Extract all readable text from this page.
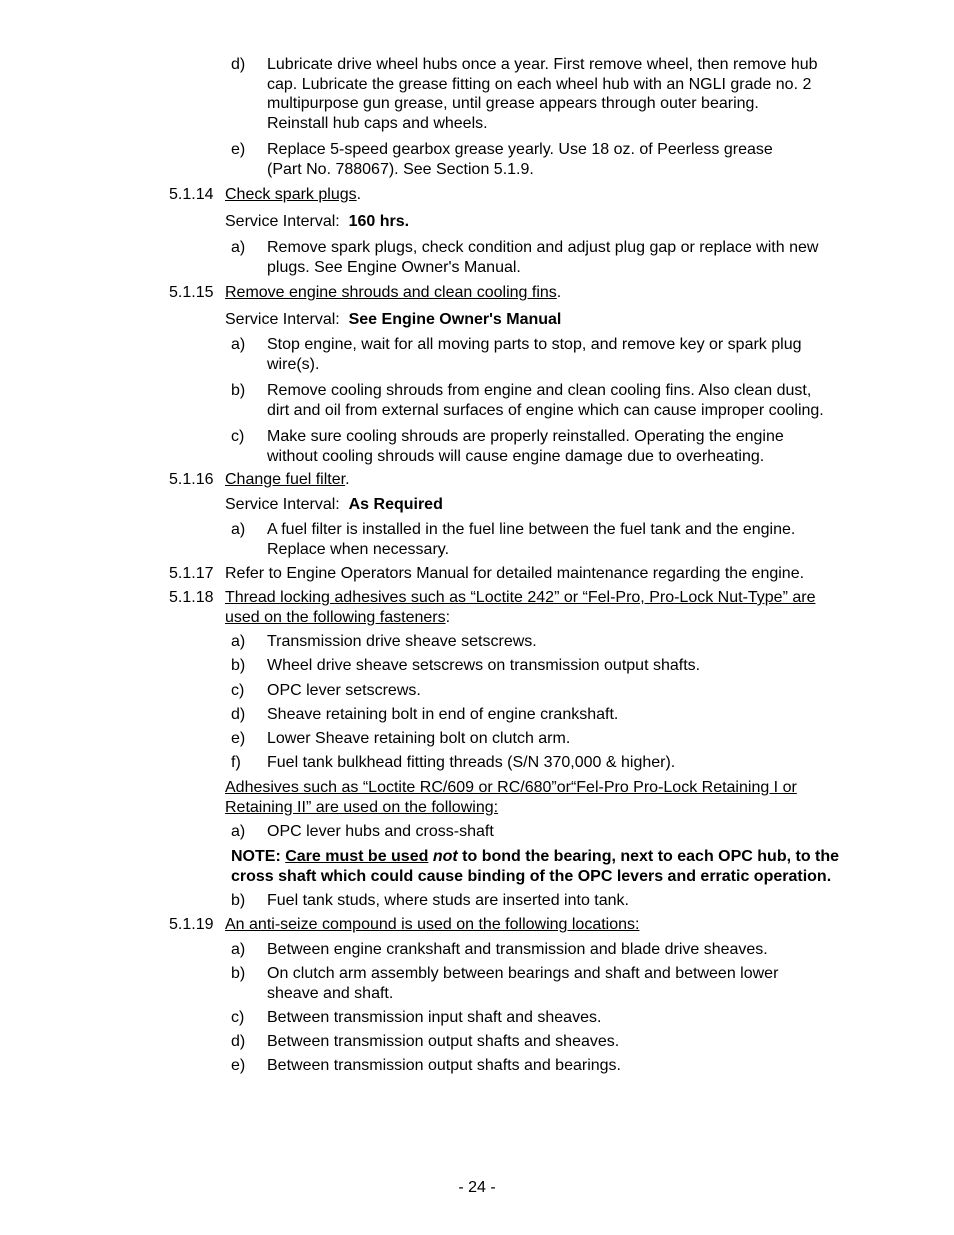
d) Lubricate drive wheel hubs once a year. First remove wheel, then remove hub
cap. Lubricate the grease fitting on each wheel hub with an NGLI grade no. 2
multipurpose gun grease, until grease appears through outer bearing.
Reinstall hub caps and wheels.
e) Replace 5-speed gearbox grease yearly. Use 18 oz. of Peerless grease
(Part No. 788067). See Section 5.1.9.
5.1.14 Check spark plugs.
Service Interval: 160 hrs.
a) Remove spark plugs, check condition and adjust plug gap or replace with new
plugs. See Engine Owner's Manual.
5.1.15 Remove engine shrouds and clean cooling fins.
Service Interval: See Engine Owner's Manual
a) Stop engine, wait for all moving parts to stop, and remove key or spark plug
wire(s).
b) Remove cooling shrouds from engine and clean cooling fins. Also clean dust,
dirt and oil from external surfaces of engine which can cause improper cooling.
c) Make sure cooling shrouds are properly reinstalled. Operating the engine
without cooling shrouds will cause engine damage due to overheating.
5.1.16 Change fuel filter.
Service Interval: As Required
a) A fuel filter is installed in the fuel line between the fuel tank and the engine.
Replace when necessary.
5.1.17 Refer to Engine Operators Manual for detailed maintenance regarding the engine.
5.1.18 Thread locking adhesives such as “Loctite 242” or “Fel-Pro, Pro-Lock Nut-Type” are
used on the following fasteners:
a) Transmission drive sheave setscrews.
b) Wheel drive sheave setscrews on transmission output shafts.
c) OPC lever setscrews.
d) Sheave retaining bolt in end of engine crankshaft.
e) Lower Sheave retaining bolt on clutch arm.
f) Fuel tank bulkhead fitting threads (S/N 370,000 & higher).
Adhesives such as “Loctite RC/609 or RC/680”or“Fel-Pro Pro-Lock Retaining I or
Retaining II” are used on the following:
a) OPC lever hubs and cross-shaft
NOTE: Care must be used not to bond the bearing, next to each OPC hub, to the
cross shaft which could cause binding of the OPC levers and erratic operation.
b) Fuel tank studs, where studs are inserted into tank.
5.1.19 An anti-seize compound is used on the following locations:
a) Between engine crankshaft and transmission and blade drive sheaves.
b) On clutch arm assembly between bearings and shaft and between lower
sheave and shaft.
c) Between transmission input shaft and sheaves.
d) Between transmission output shafts and sheaves.
e) Between transmission output shafts and bearings.
- 24 -
